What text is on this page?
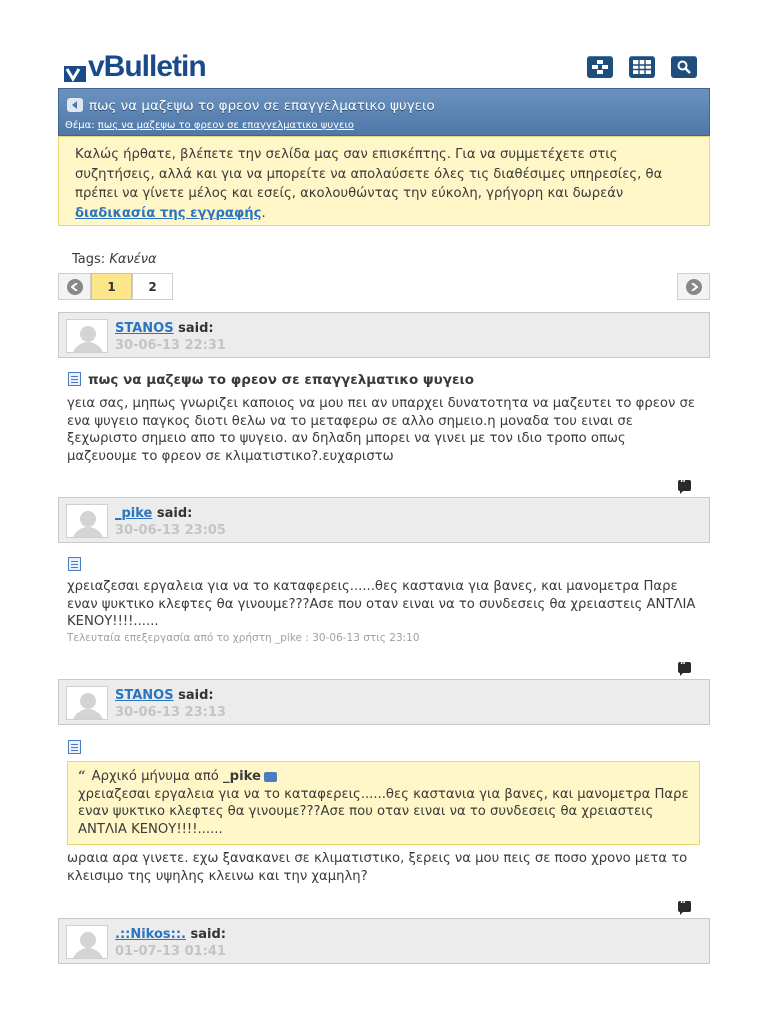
vBulletin
πως να μαζεψω το φρεον σε επαγγελματικο ψυγειο
Θέμα: πως να μαζεψω το φρεον σε επαγγελματικο ψυγειο
Καλώς ήρθατε, βλέπετε την σελίδα μας σαν επισκέπτης. Για να συμμετέχετε στις συζητήσεις, αλλά και για να μπορείτε να απολαύσετε όλες τις διαθέσιμες υπηρεσίες, θα πρέπει να γίνετε μέλος και εσείς, ακολουθώντας την εύκολη, γρήγορη και δωρεάν διαδικασία της εγγραφής.
Tags: Κανένα
1	2
STANOS said:
30-06-13 22:31
πως να μαζεψω το φρεον σε επαγγελματικο ψυγειο
γεια σας, μηπως γνωριζει καποιος να μου πει αν υπαρχει δυνατοτητα να μαζευτει το φρεον σε ενα ψυγειο παγκος διοτι θελω να το μεταφερω σε αλλο σημειο.η μοναδα του ειναι σε ξεχωριστο σημειο απο το ψυγειο. αν δηλαδη μπορει να γινει με τον ιδιο τροπο οπως μαζευουμε το φρεον σε κλιματιστικο?.ευχαριστω
“
_pike said:
30-06-13 23:05
χρειαζεσαι εργαλεια για να το καταφερεις......θες καστανια για βανες, και μανομετρα Παρε εναν ψυκτικο κλεφτες θα γινουμε???Ασε που οταν ειναι να το συνδεσεις θα χρειαστεις ΑΝΤΛΙΑ ΚΕΝΟΥ!!!!......
Τελευταία επεξεργασία από το χρήστη _pike : 30-06-13 στις 23:10
“
STANOS said:
30-06-13 23:13
“ Αρχικό μήνυμα από
_pike
χρειαζεσαι εργαλεια για να το καταφερεις......θες καστανια για βανες, και μανομετρα Παρε εναν ψυκτικο κλεφτες θα γινουμε???Ασε που οταν ειναι να το συνδεσεις θα χρειαστεις ΑΝΤΛΙΑ ΚΕΝΟΥ!!!!......
ωραια αρα γινετε. εχω ξανακανει σε κλιματιστικο, ξερεις να μου πεις σε ποσο χρονο μετα το κλεισιμο της υψηλης κλεινω και την χαμηλη?
“
.::Nikos::. said:
01-07-13 01:41
